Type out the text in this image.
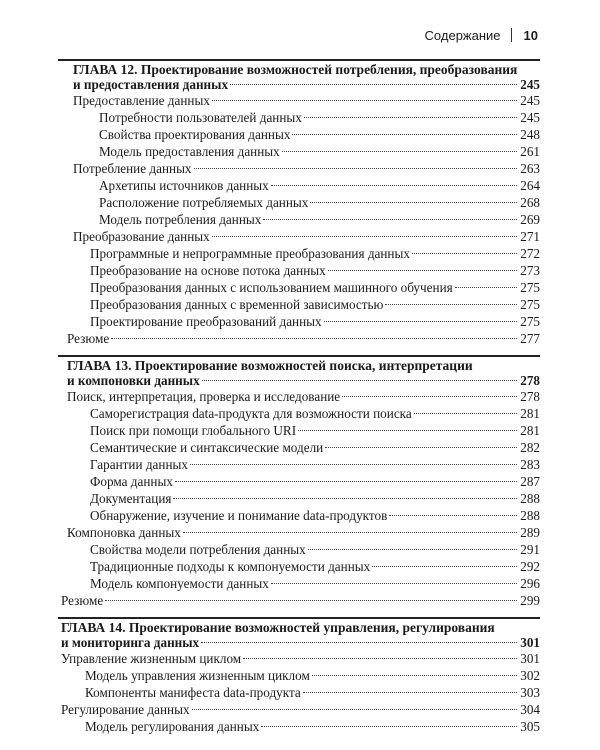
Содержание 10
ГЛАВА 12. Проектирование возможностей потребления, преобразования
и предоставления данных	245
Предоставление данных	245
Потребности пользователей данных	245
Свойства проектирования данных	248
Модель предоставления данных	261
Потребление данных	263
Архетипы источников данных	264
Расположение потребляемых данных	268
Модель потребления данных	269
Преобразование данных	271
Программные и непрограммные преобразования данных	272
Преобразование на основе потока данных	273
Преобразования данных с использованием машинного обучения	275
Преобразования данных с временной зависимостью	275
Проектирование преобразований данных	275
Резюме	277
ГЛАВА 13. Проектирование возможностей поиска, интерпретации
и компоновки данных	278
Поиск, интерпретация, проверка и исследование	278
Саморегистрация data-продукта для возможности поиска	281
Поиск при помощи глобального URI	281
Семантические и синтаксические модели	282
Гарантии данных	283
Форма данных	287
Документация	288
Обнаружение, изучение и понимание data-продуктов	288
Компоновка данных	289
Свойства модели потребления данных	291
Традиционные подходы к компонуемости данных	292
Модель компонуемости данных	296
Резюме	299
ГЛАВА 14. Проектирование возможностей управления, регулирования
и мониторинга данных	301
Управление жизненным циклом	301
Модель управления жизненным циклом	302
Компоненты манифеста data-продукта	303
Регулирование данных	304
Модель регулирования данных	305
